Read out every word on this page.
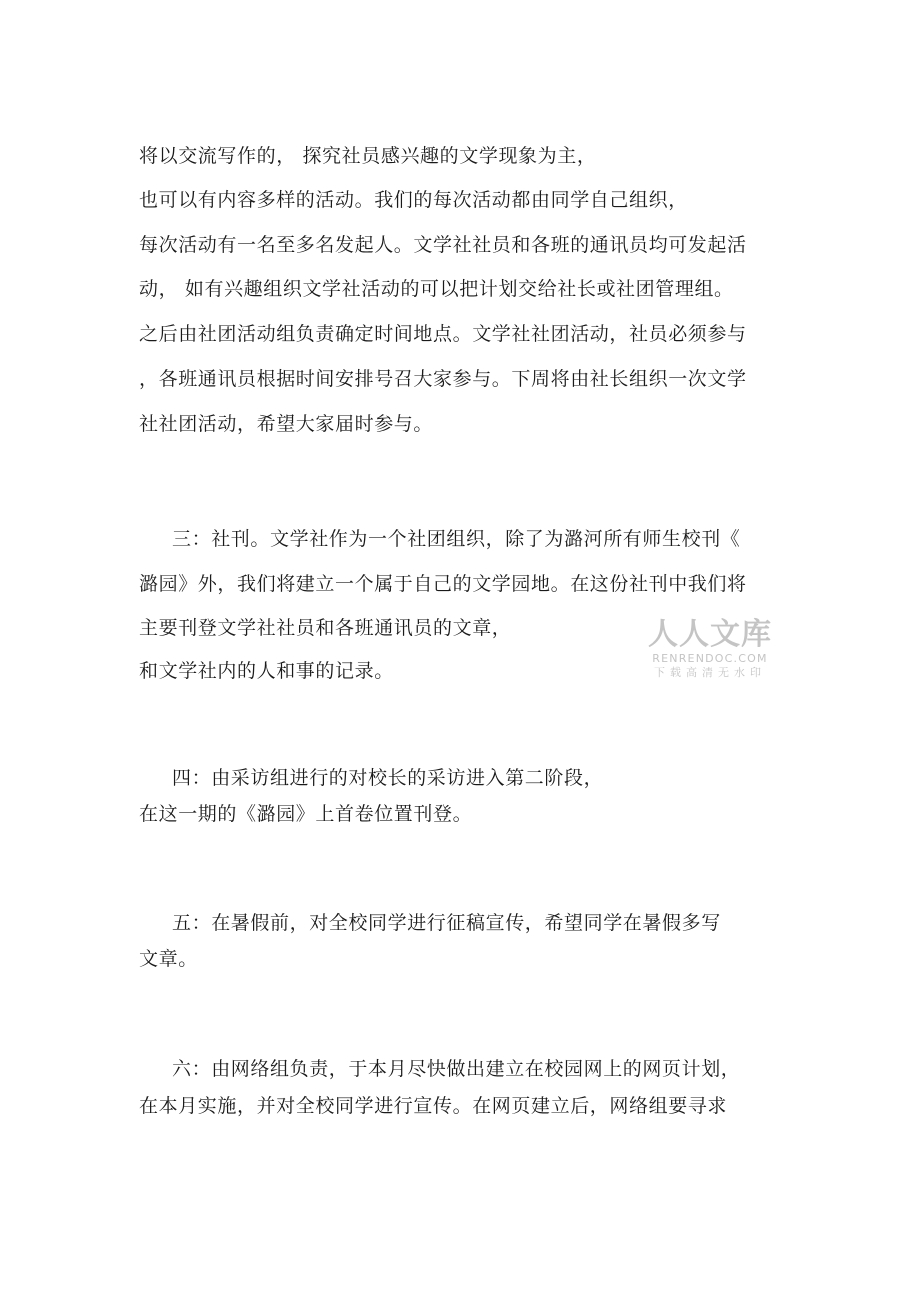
将以交流写作的， 探究社员感兴趣的文学现象为主，
也可以有内容多样的活动。我们的每次活动都由同学自己组织，
每次活动有一名至多名发起人。文学社社员和各班的通讯员均可发起活
动， 如有兴趣组织文学社活动的可以把计划交给社长或社团管理组。
之后由社团活动组负责确定时间地点。文学社社团活动，社员必须参与
，各班通讯员根据时间安排号召大家参与。下周将由社长组织一次文学
社社团活动，希望大家届时参与。
三：社刊。文学社作为一个社团组织，除了为潞河所有师生校刊《
潞园》外，我们将建立一个属于自己的文学园地。在这份社刊中我们将
主要刊登文学社社员和各班通讯员的文章，
和文学社内的人和事的记录。
四：由采访组进行的对校长的采访进入第二阶段，
在这一期的《潞园》上首卷位置刊登。
五：在暑假前，对全校同学进行征稿宣传，希望同学在暑假多写
文章。
六：由网络组负责，于本月尽快做出建立在校园网上的网页计划，
在本月实施，并对全校同学进行宣传。在网页建立后，网络组要寻求
人人文库
RENRENDOC.COM
下载高清无水印
